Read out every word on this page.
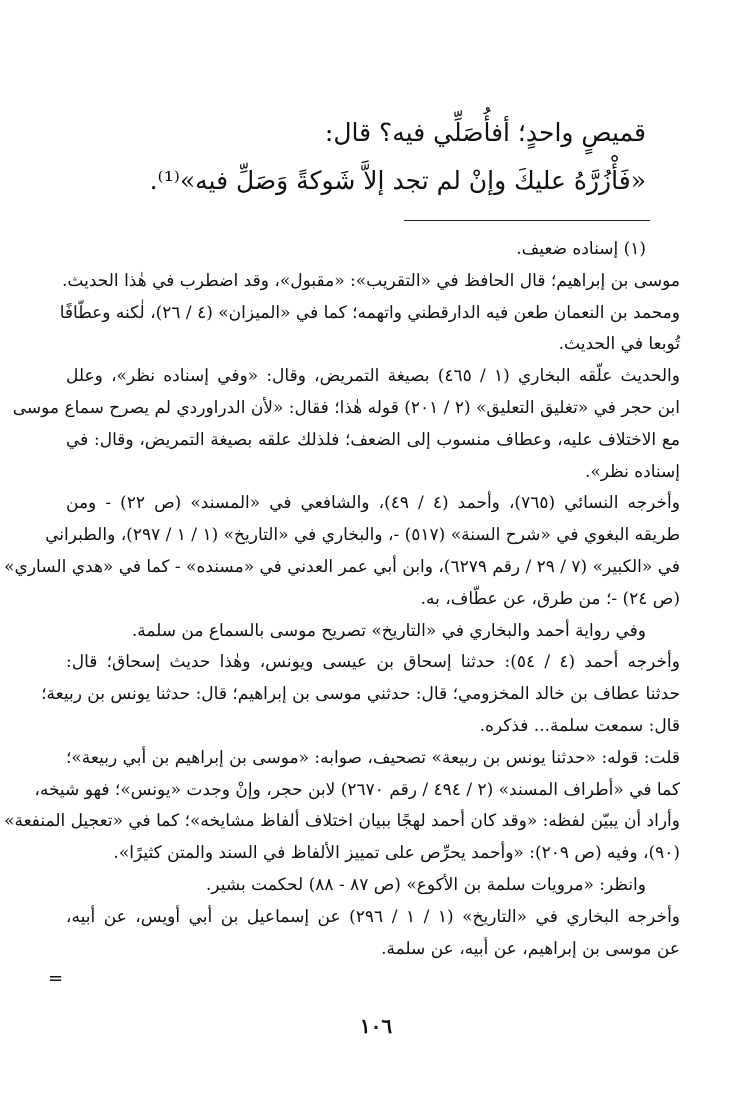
قميصٍ واحدٍ؛ أفأُصَلِّي فيه؟ قال:
«فَأْزُرَّهُ عليكَ وإنْ لم تجد إلاَّ شَوكةً وَصَلِّ فيه»⁽¹⁾.
(١) إسناده ضعيف.
موسى بن إبراهيم؛ قال الحافظ في «التقريب»: «مقبول»، وقد اضطرب في هٰذا الحديث.
ومحمد بن النعمان طعن فيه الدارقطني واتهمه؛ كما في «الميزان» (٤ / ٢٦)، لٰكنه وعطّافًا
تُوبعا في الحديث.
والحديث علّقه البخاري (١ / ٤٦٥) بصيغة التمريض، وقال: «وفي إسناده نظر»، وعلل
ابن حجر في «تغليق التعليق» (٢ / ٢٠١) قوله هٰذا؛ فقال: «لأن الدراوردي لم يصرح سماع موسى
مع الاختلاف عليه، وعطاف منسوب إلى الضعف؛ فلذلك علقه بصيغة التمريض، وقال: في
إسناده نظر».
وأخرجه النسائي (٧٦٥)، وأحمد (٤ / ٤٩)، والشافعي في «المسند» (ص ٢٢) - ومن
طريقه البغوي في «شرح السنة» (٥١٧) -، والبخاري في «التاريخ» (١ / ١ / ٢٩٧)، والطبراني
في «الكبير» (٧ / ٢٩ / رقم ٦٢٧٩)، وابن أبي عمر العدني في «مسنده» - كما في «هدي الساري»
(ص ٢٤) -؛ من طرق، عن عطّاف، به.
وفي رواية أحمد والبخاري في «التاريخ» تصريح موسى بالسماع من سلمة.
وأخرجه أحمد (٤ / ٥٤): حدثنا إسحاق بن عيسى ويونس، وهٰذا حديث إسحاق؛ قال:
حدثنا عطاف بن خالد المخزومي؛ قال: حدثني موسى بن إبراهيم؛ قال: حدثنا يونس بن ربيعة؛
قال: سمعت سلمة... فذكره.
قلت: قوله: «حدثنا يونس بن ربيعة» تصحيف، صوابه: «موسى بن إبراهيم بن أبي ربيعة»؛
كما في «أطراف المسند» (٢ / ٤٩٤ / رقم ٢٦٧٠) لابن حجر، وإنْ وجدت «يونس»؛ فهو شيخه،
وأراد أن يبيّن لفظه: «وقد كان أحمد لهجًا ببيان اختلاف ألفاظ مشايخه»؛ كما في «تعجيل المنفعة»
(٩٠)، وفيه (ص ٢٠٩): «وأحمد يحرِّص على تمييز الألفاظ في السند والمتن كثيرًا».
وانظر: «مرويات سلمة بن الأكوع» (ص ٨٧ - ٨٨) لحكمت بشير.
وأخرجه البخاري في «التاريخ» (١ / ١ / ٢٩٦) عن إسماعيل بن أبي أويس، عن أبيه،
عن موسى بن إبراهيم، عن أبيه، عن سلمة.
=
١٠٦
